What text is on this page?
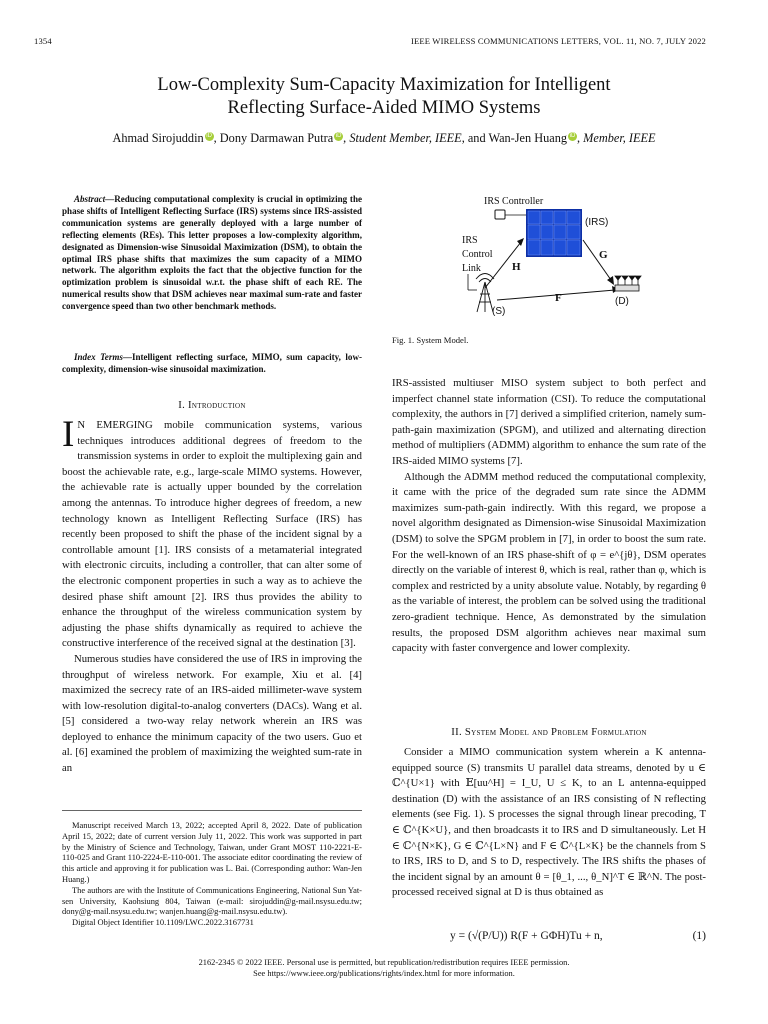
1354	IEEE WIRELESS COMMUNICATIONS LETTERS, VOL. 11, NO. 7, JULY 2022
Low-Complexity Sum-Capacity Maximization for Intelligent
Reflecting Surface-Aided MIMO Systems
Ahmad Sirojuddin iD , Dony Darmawan Putra iD , Student Member, IEEE, and Wan-Jen Huang iD , Member, IEEE
Abstract—Reducing computational complexity is crucial in optimizing the phase shifts of Intelligent Reflecting Surface (IRS) systems since IRS-assisted communication systems are generally deployed with a large number of reflecting elements (REs). This letter proposes a low-complexity algorithm, designated as Dimension-wise Sinusoidal Maximization (DSM), to obtain the optimal IRS phase shifts that maximizes the sum capacity of a MIMO network. The algorithm exploits the fact that the objective function for the optimization problem is sinusoidal w.r.t. the phase shift of each RE. The numerical results show that DSM achieves near maximal sum-rate and faster convergence speed than two other benchmark methods.
Index Terms—Intelligent reflecting surface, MIMO, sum capacity, low-complexity, dimension-wise sinusoidal maximization.
I. Introduction

I N EMERGING mobile communication systems, various techniques introduces additional degrees of freedom to the transmission systems in order to exploit the multiplexing gain and boost the achievable rate, e.g., large-scale MIMO systems. However, the achievable rate is actually upper bounded by the correlation among the antennas. To introduce higher degrees of freedom, a new technology known as Intelligent Reflecting Surface (IRS) has recently been proposed to shift the phase of the incident signal by a controllable amount [1]. IRS consists of a metamaterial integrated with electronic circuits, including a controller, that can alter some of the electronic component properties in such a way as to achieve the desired phase shift amount [2]. IRS thus provides the ability to enhance the throughput of the wireless communication system by adjusting the phase shifts dynamically as required to achieve the constructive interference of the received signal at the destination [3].

Numerous studies have considered the use of IRS in improving the throughput of wireless network. For example, Xiu et al. [4] maximized the secrecy rate of an IRS-aided millimeter-wave system with low-resolution digital-to-analog converters (DACs). Wang et al. [5] considered a two-way relay network wherein an IRS was deployed to enhance the minimum capacity of the two users. Guo et al. [6] examined the problem of maximizing the weighted sum-rate in an

Manuscript received March 13, 2022; accepted April 8, 2022. Date of publication April 15, 2022; date of current version July 11, 2022. This work was supported in part by the Ministry of Science and Technology, Taiwan, under Grant MOST 110-2221-E-110-025 and Grant 110-2224-E-110-001. The associate editor coordinating the review of this article and approving it for publication was L. Bai. (Corresponding author: Wan-Jen Huang.)

The authors are with the Institute of Communications Engineering, National Sun Yat-sen University, Kaohsiung 804, Taiwan (e-mail: sirojuddin@g-mail.nsysu.edu.tw; dony@g-mail.nsysu.edu.tw; wanjen.huang@g-mail.nsysu.edu.tw).

Digital Object Identifier 10.1109/LWC.2022.3167731

IRS Controller
(IRS)
IRS
Control
Link	H
G
(S)
F	(D)
Fig. 1. System Model.

IRS-assisted multiuser MISO system subject to both perfect and imperfect channel state information (CSI). To reduce the computational complexity, the authors in [7] derived a simplified criterion, namely sum-path-gain maximization (SPGM), and utilized and alternating direction method of multipliers (ADMM) algorithm to enhance the sum rate of the IRS-aided MIMO systems [7].

Although the ADMM method reduced the computational complexity, it came with the price of the degraded sum rate since the ADMM maximizes sum-path-gain indirectly. With this regard, we propose a novel algorithm designated as Dimension-wise Sinusoidal Maximization (DSM) to solve the SPGM problem in [7], in order to boost the sum rate. For the well-known of an IRS phase-shift of φ = e^{jθ}, DSM operates directly on the variable of interest θ, which is real, rather than φ, which is complex and restricted by a unity absolute value. Notably, by regarding θ as the variable of interest, the problem can be solved using the traditional zero-gradient technique. Hence, As demonstrated by the simulation results, the proposed DSM algorithm achieves near maximal sum capacity with faster convergence and lower complexity.

II. System Model and Problem Formulation

Consider a MIMO communication system wherein a K antenna-equipped source (S) transmits U parallel data streams, denoted by u ∈ ℂ^{U×1} with 𝔼[uu^H] = I_U, U ≤ K, to an L antenna-equipped destination (D) with the assistance of an IRS consisting of N reflecting elements (see Fig. 1). S processes the signal through linear precoding, T ∈ ℂ^{K×U}, and then broadcasts it to IRS and D simultaneously. Let H ∈ ℂ^{N×K}, G ∈ ℂ^{L×N} and F ∈ ℂ^{L×K} be the channels from S to IRS, IRS to D, and S to D, respectively. The IRS shifts the phases of the incident signal by an amount θ = [θ_1, ..., θ_N]^T ∈ ℝ^N. The post-processed received signal at D is thus obtained as

y = (√(P/U)) R(F + GΦH)Tu + n,	(1)
2162-2345 © 2022 IEEE. Personal use is permitted, but republication/redistribution requires IEEE permission.
See https://www.ieee.org/publications/rights/index.html for more information.
